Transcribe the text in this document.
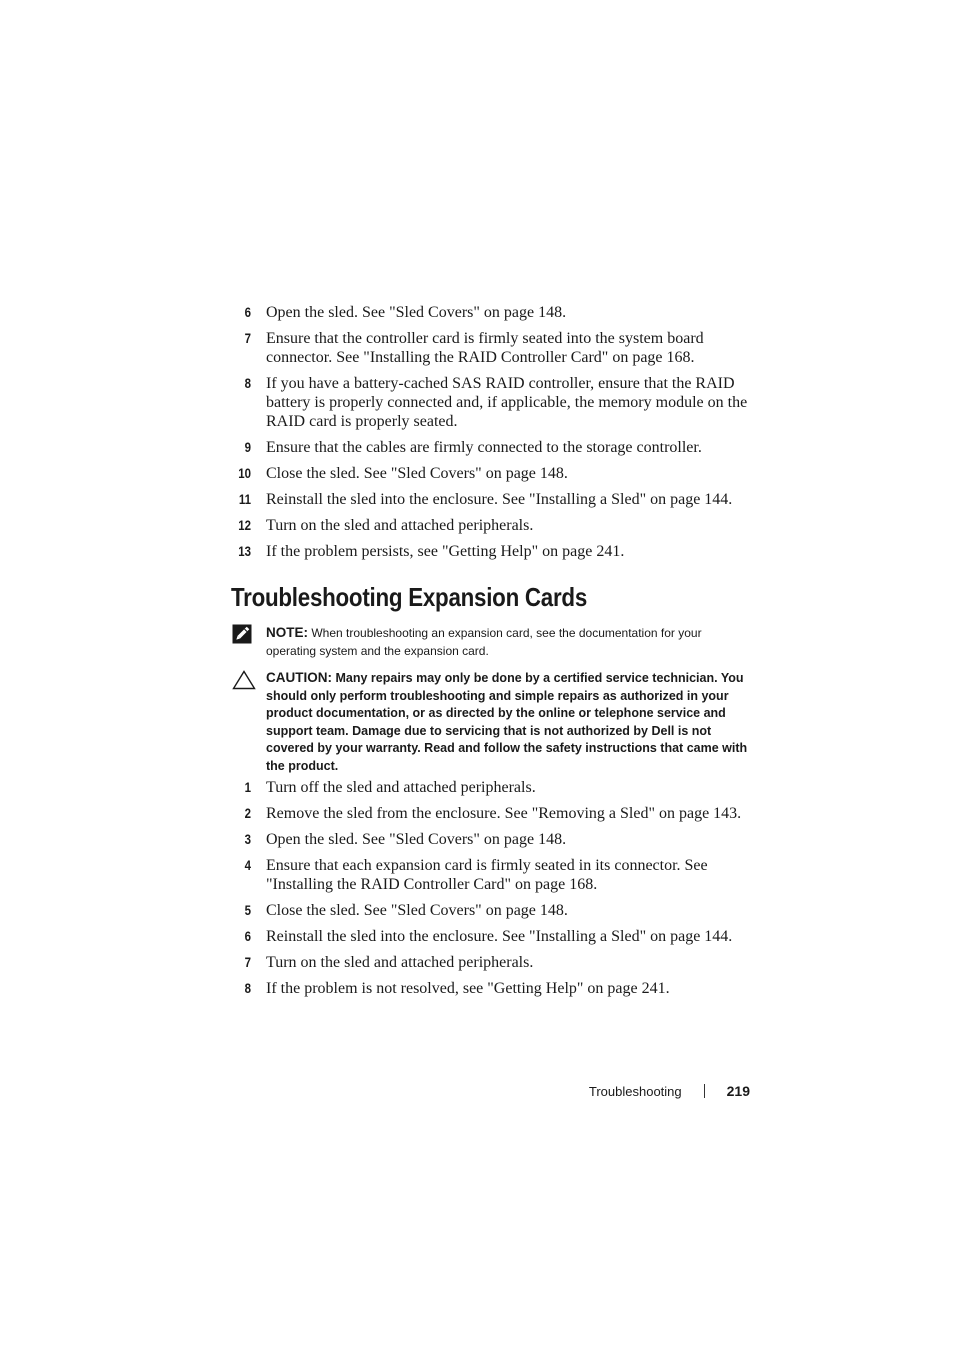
6 Open the sled. See "Sled Covers" on page 148.
7 Ensure that the controller card is firmly seated into the system board connector. See "Installing the RAID Controller Card" on page 168.
8 If you have a battery-cached SAS RAID controller, ensure that the RAID battery is properly connected and, if applicable, the memory module on the RAID card is properly seated.
9 Ensure that the cables are firmly connected to the storage controller.
10 Close the sled. See "Sled Covers" on page 148.
11 Reinstall the sled into the enclosure. See "Installing a Sled" on page 144.
12 Turn on the sled and attached peripherals.
13 If the problem persists, see "Getting Help" on page 241.
Troubleshooting Expansion Cards
NOTE: When troubleshooting an expansion card, see the documentation for your operating system and the expansion card.
CAUTION: Many repairs may only be done by a certified service technician. You should only perform troubleshooting and simple repairs as authorized in your product documentation, or as directed by the online or telephone service and support team. Damage due to servicing that is not authorized by Dell is not covered by your warranty. Read and follow the safety instructions that came with the product.
1 Turn off the sled and attached peripherals.
2 Remove the sled from the enclosure. See "Removing a Sled" on page 143.
3 Open the sled. See "Sled Covers" on page 148.
4 Ensure that each expansion card is firmly seated in its connector. See "Installing the RAID Controller Card" on page 168.
5 Close the sled. See "Sled Covers" on page 148.
6 Reinstall the sled into the enclosure. See "Installing a Sled" on page 144.
7 Turn on the sled and attached peripherals.
8 If the problem is not resolved, see "Getting Help" on page 241.
Troubleshooting	219
